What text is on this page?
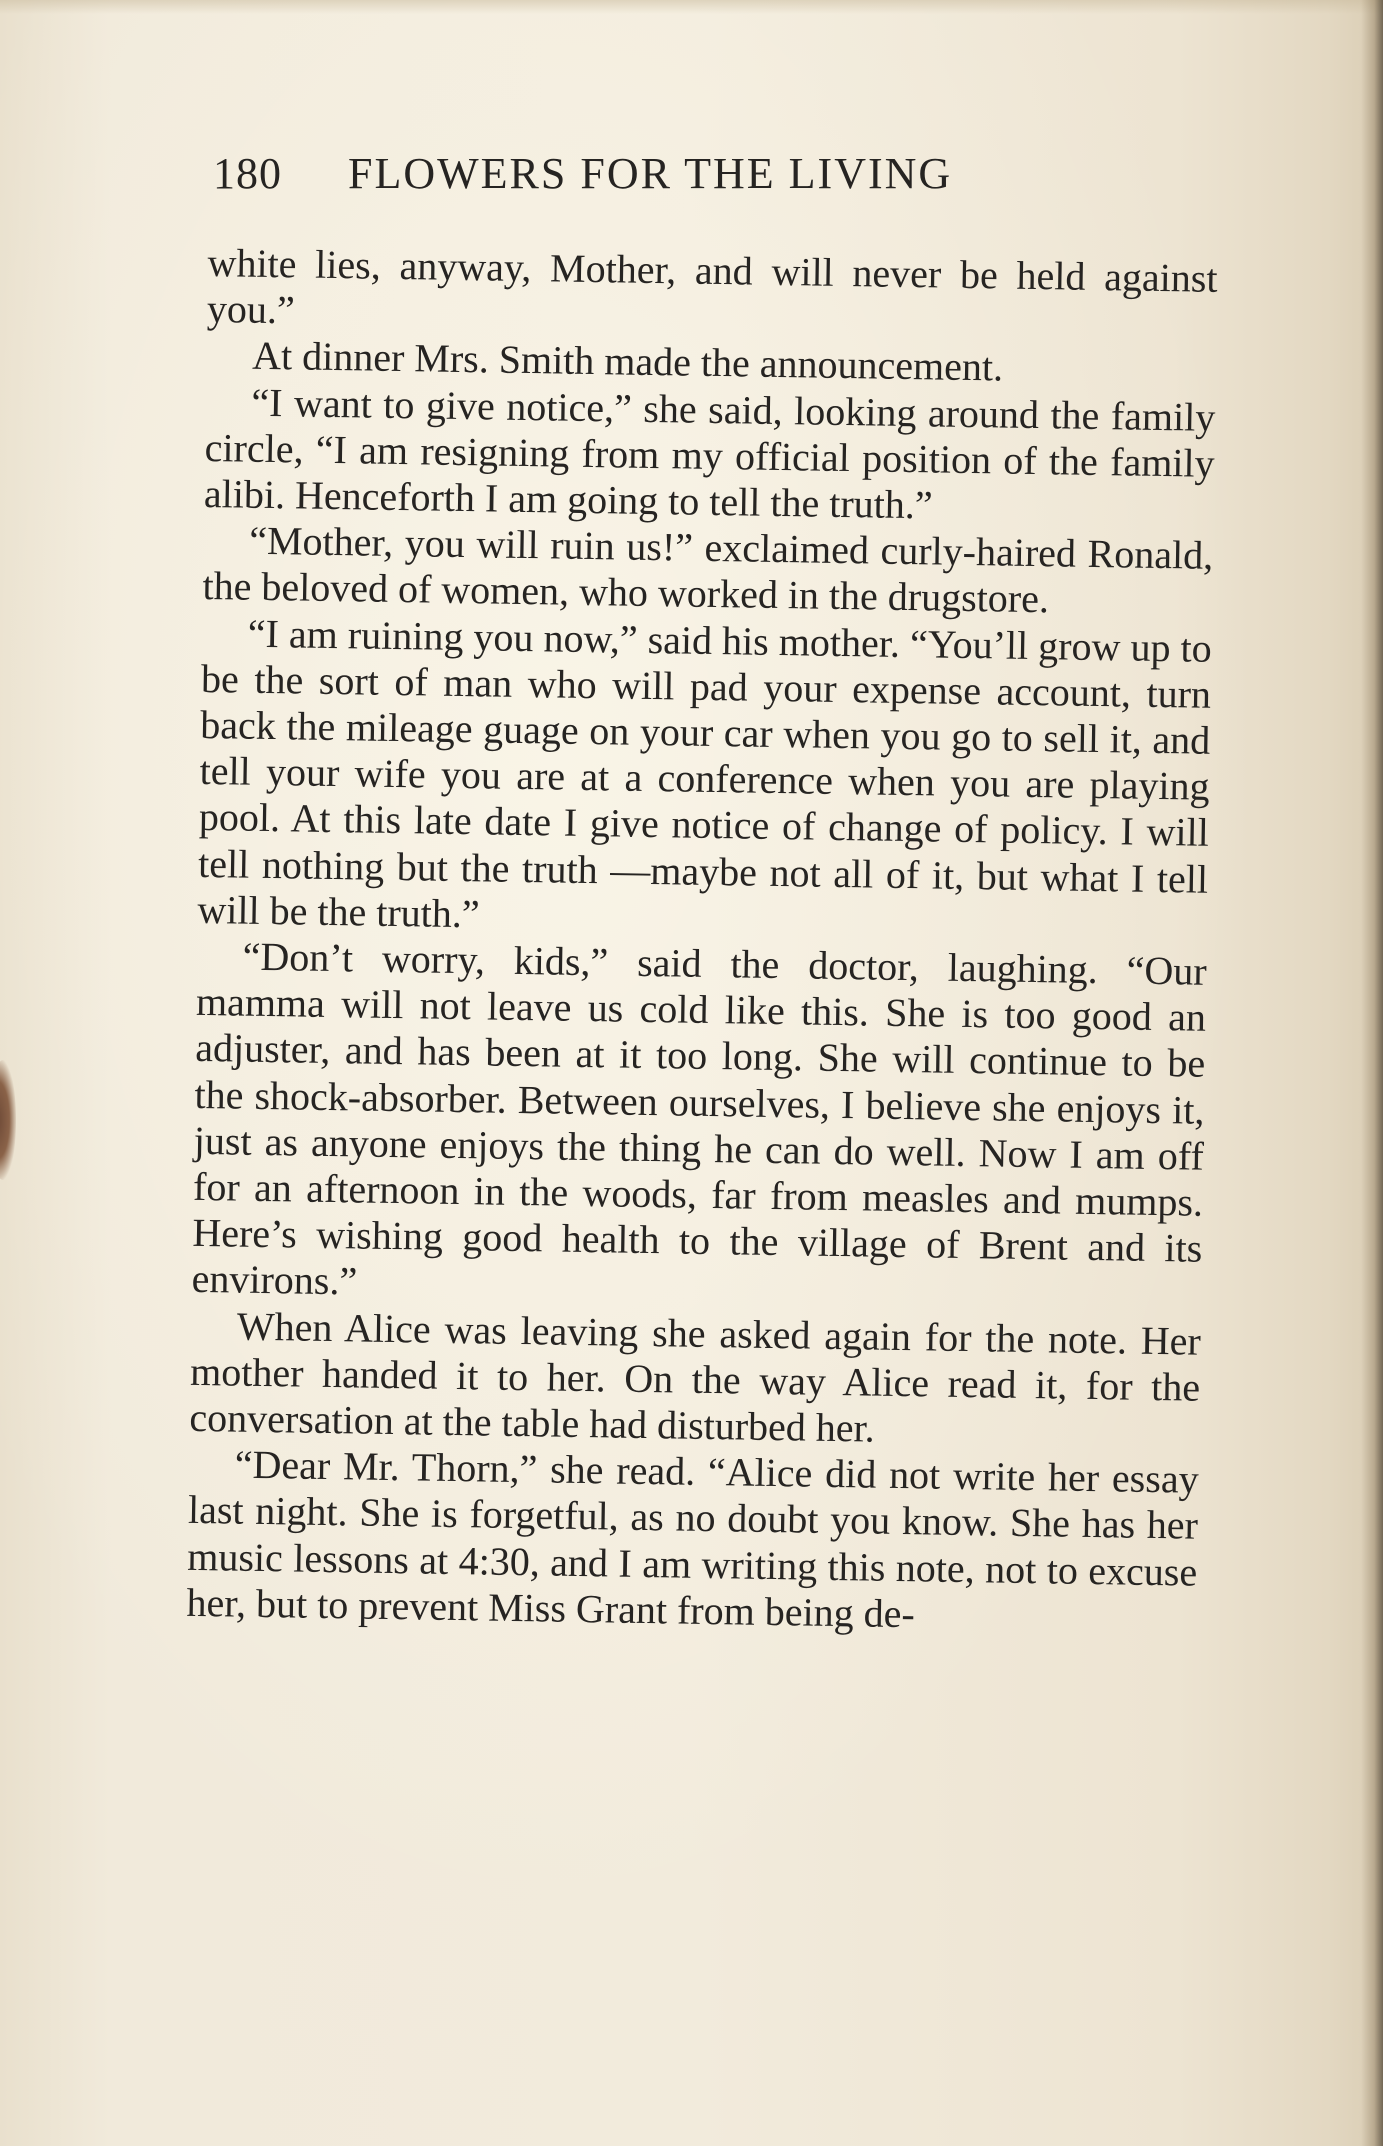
180 FLOWERS FOR THE LIVING

white lies, anyway, Mother, and will never be held against you.”

At dinner Mrs. Smith made the announcement.

“I want to give notice,” she said, looking around the family circle, “I am resigning from my official position of the family alibi. Henceforth I am going to tell the truth.”

“Mother, you will ruin us!” exclaimed curly-haired Ronald, the beloved of women, who worked in the drugstore.

“I am ruining you now,” said his mother. “You’ll grow up to be the sort of man who will pad your expense account, turn back the mileage guage on your car when you go to sell it, and tell your wife you are at a conference when you are playing pool. At this late date I give notice of change of policy. I will tell nothing but the truth —maybe not all of it, but what I tell will be the truth.”

“Don’t worry, kids,” said the doctor, laughing. “Our mamma will not leave us cold like this. She is too good an adjuster, and has been at it too long. She will continue to be the shock-absorber. Between ourselves, I believe she enjoys it, just as anyone enjoys the thing he can do well. Now I am off for an afternoon in the woods, far from measles and mumps. Here’s wishing good health to the village of Brent and its environs.”

When Alice was leaving she asked again for the note. Her mother handed it to her. On the way Alice read it, for the conversation at the table had disturbed her.

“Dear Mr. Thorn,” she read. “Alice did not write her essay last night. She is forgetful, as no doubt you know. She has her music lessons at 4:30, and I am writing this note, not to excuse her, but to prevent Miss Grant from being de-
